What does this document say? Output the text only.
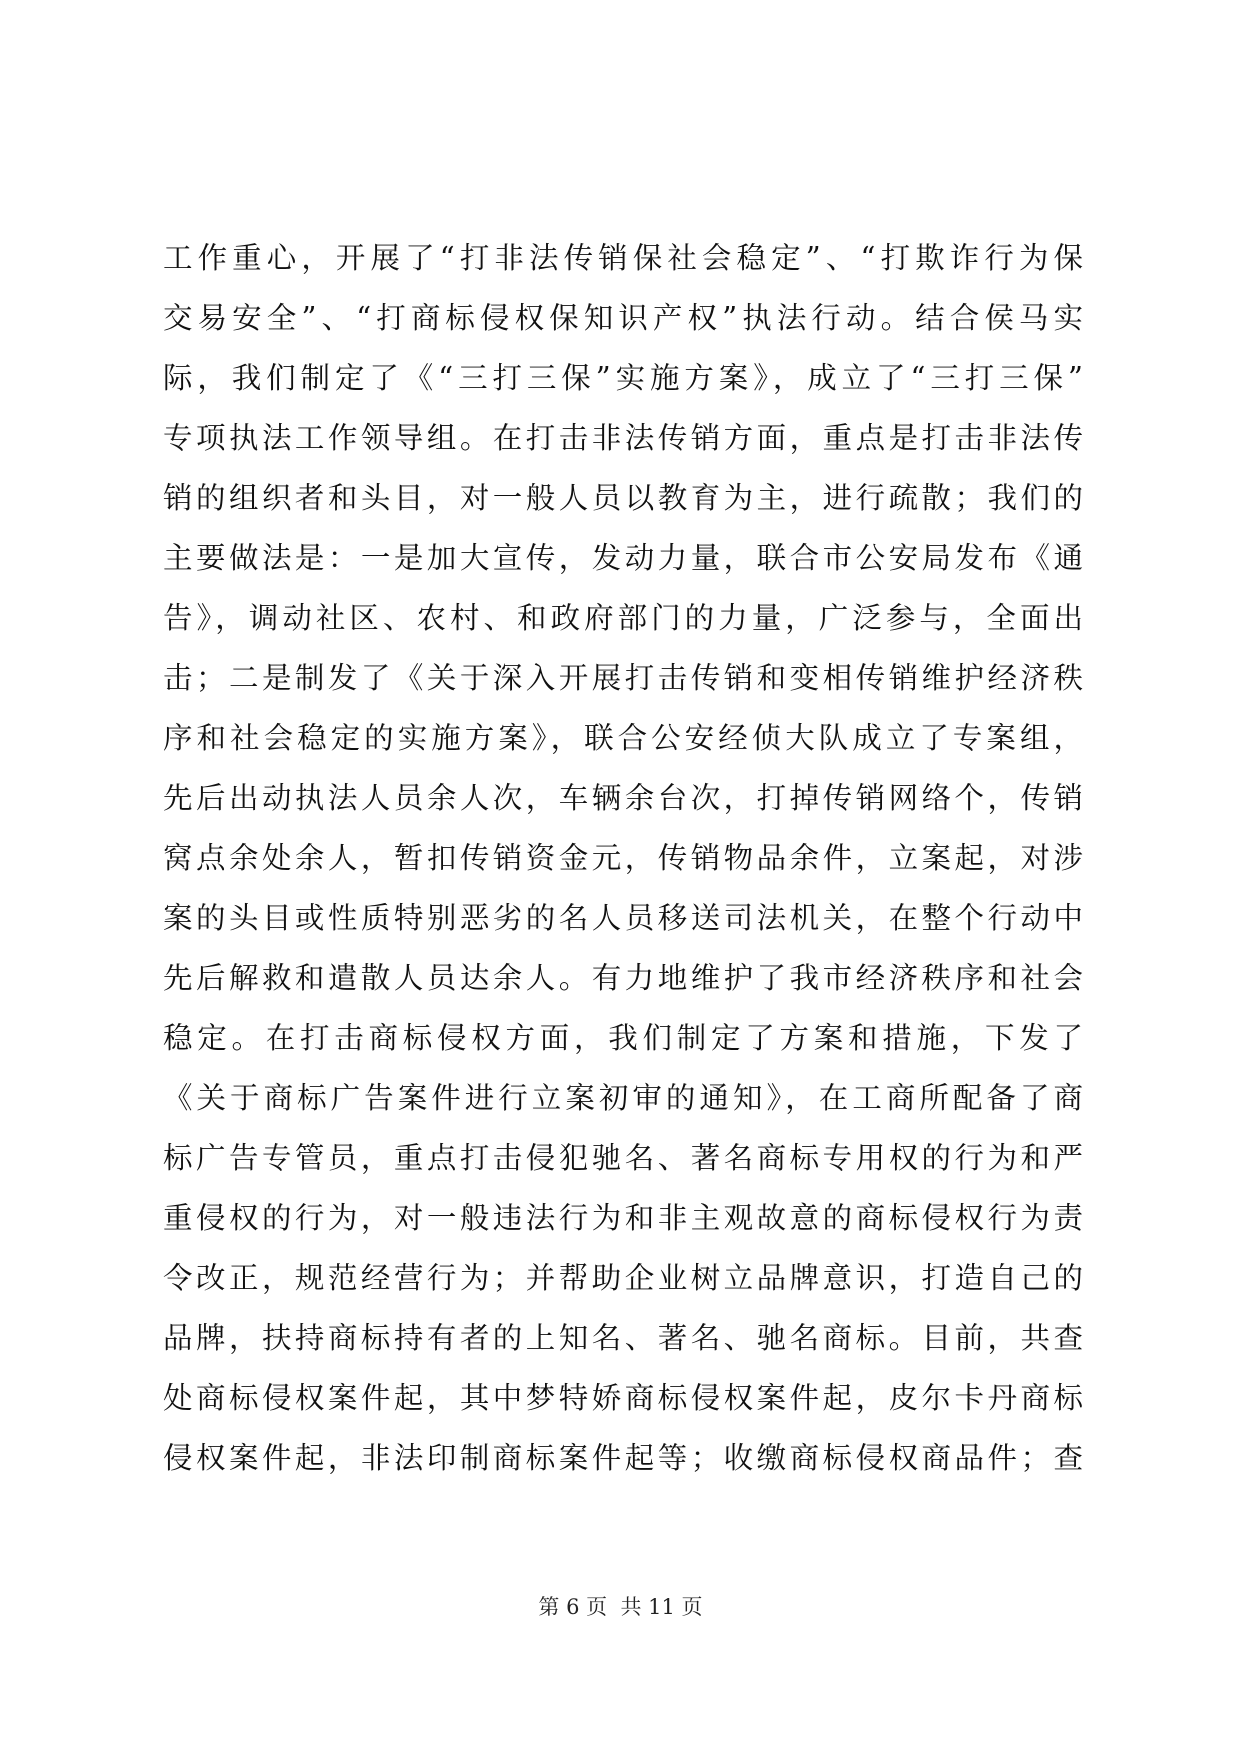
工作重心，开展了“打非法传销保社会稳定”、“打欺诈行为保
交易安全”、“打商标侵权保知识产权”执法行动。结合侯马实
际，我们制定了《“三打三保”实施方案》，成立了“三打三保”
专项执法工作领导组。在打击非法传销方面，重点是打击非法传
销的组织者和头目，对一般人员以教育为主，进行疏散；我们的
主要做法是：一是加大宣传，发动力量，联合市公安局发布《通
告》，调动社区、农村、和政府部门的力量，广泛参与，全面出
击；二是制发了《关于深入开展打击传销和变相传销维护经济秩
序和社会稳定的实施方案》，联合公安经侦大队成立了专案组，
先后出动执法人员余人次，车辆余台次，打掉传销网络个，传销
窝点余处余人，暂扣传销资金元，传销物品余件，立案起，对涉
案的头目或性质特别恶劣的名人员移送司法机关，在整个行动中
先后解救和遣散人员达余人。有力地维护了我市经济秩序和社会
稳定。在打击商标侵权方面，我们制定了方案和措施，下发了
《关于商标广告案件进行立案初审的通知》，在工商所配备了商
标广告专管员，重点打击侵犯驰名、著名商标专用权的行为和严
重侵权的行为，对一般违法行为和非主观故意的商标侵权行为责
令改正，规范经营行为；并帮助企业树立品牌意识，打造自己的
品牌，扶持商标持有者的上知名、著名、驰名商标。目前，共查
处商标侵权案件起，其中梦特娇商标侵权案件起，皮尔卡丹商标
侵权案件起，非法印制商标案件起等；收缴商标侵权商品件；查
第 6 页  共 11 页
